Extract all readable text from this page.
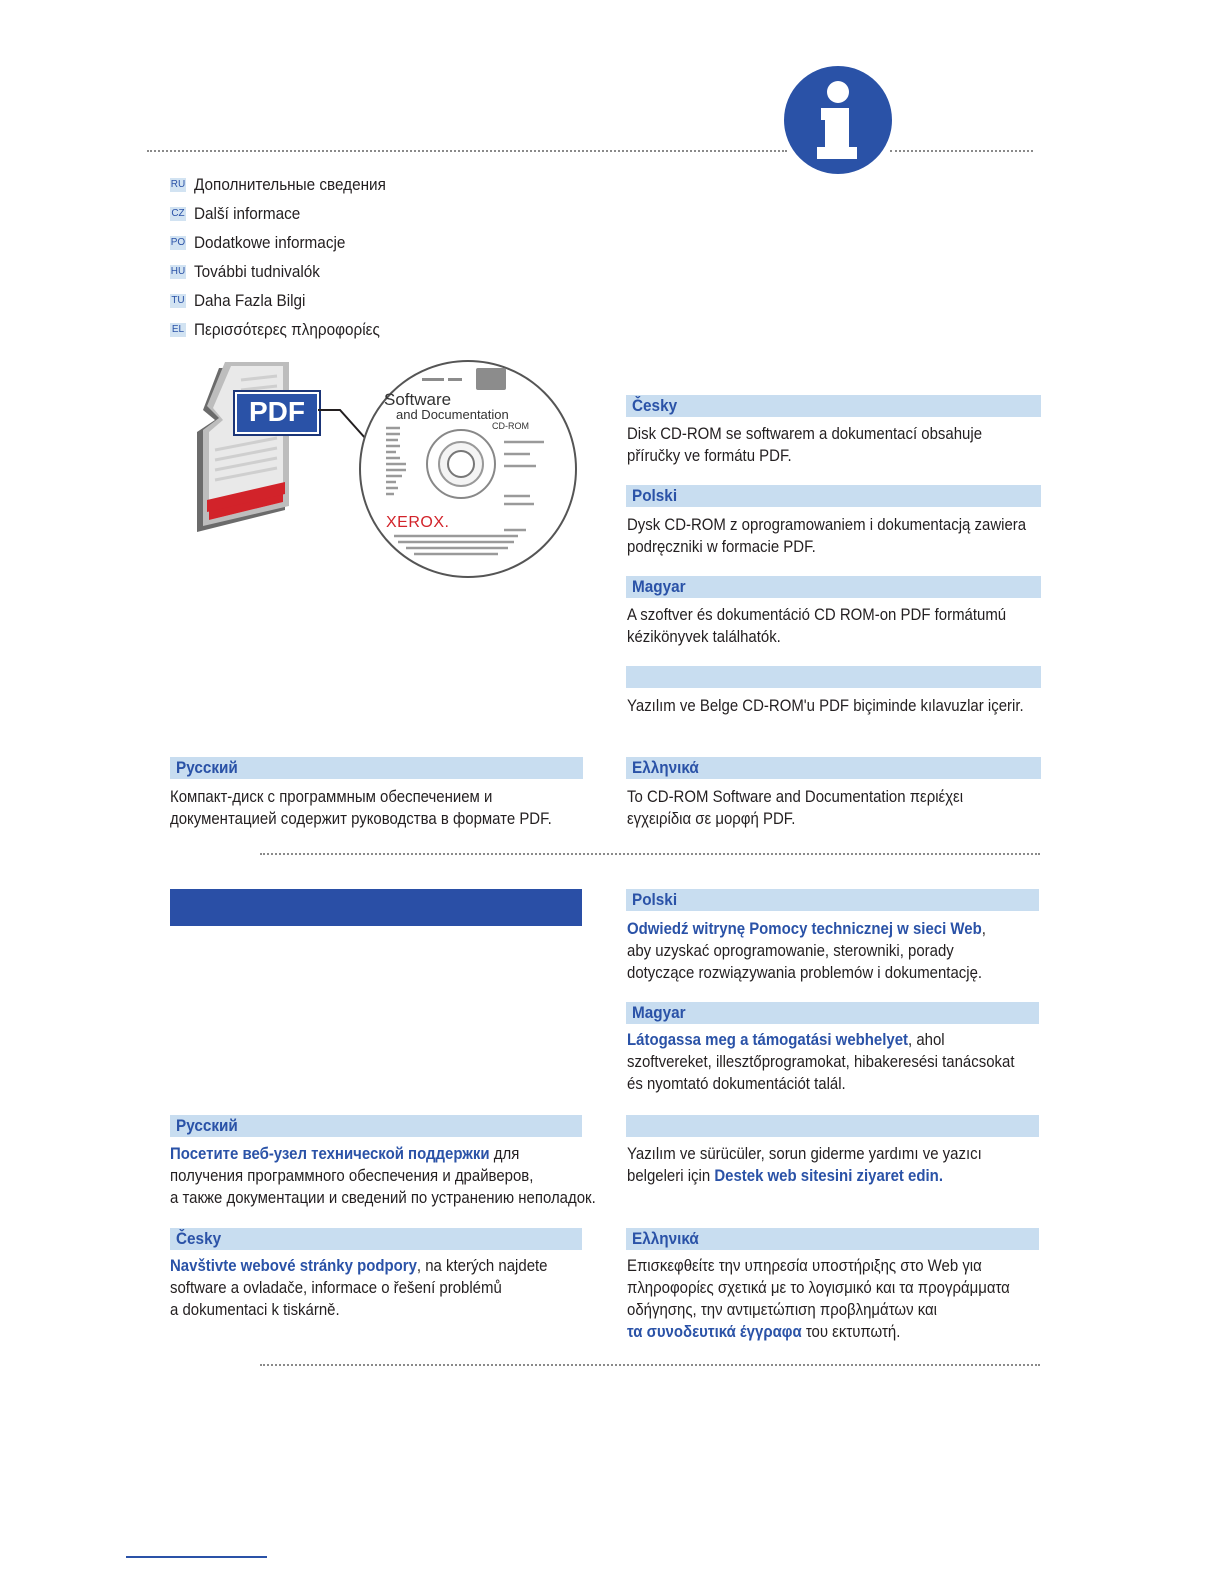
RU Дополнительные сведения
CZ Další informace
PO Dodatkowe informacje
HU További tudnivalók
TU Daha Fazla Bilgi
EL Περισσότερες πληροφορίες
PDF	Software
and Documentation
CD-ROM
XEROX.
Česky
Disk CD-ROM se softwarem a dokumentací obsahuje
příručky ve formátu PDF.
Polski
Dysk CD-ROM z oprogramowaniem i dokumentacją zawiera
podręczniki w formacie PDF.
Magyar
A szoftver és dokumentáció CD ROM-on PDF formátumú
kézikönyvek találhatók.
Yazılım ve Belge CD-ROM'u PDF biçiminde kılavuzlar içerir.
Русский
Компакт-диск с программным обеспечением и
документацией содержит руководства в формате PDF.
Ελληνικά
Το CD-ROM Software and Documentation περιέχει
εγχειρίδια σε μορφή PDF.
Polski
Odwiedź witrynę Pomocy technicznej w sieci Web,
aby uzyskać oprogramowanie, sterowniki, porady
dotyczące rozwiązywania problemów i dokumentację.
Magyar
Látogassa meg a támogatási webhelyet, ahol
szoftvereket, illesztőprogramokat, hibakeresési tanácsokat
és nyomtató dokumentációt talál.
Русский
Посетите веб-узел технической поддержки для
получения программного обеспечения и драйверов,
а также документации и сведений по устранению неполадок.
Yazılım ve sürücüler, sorun giderme yardımı ve yazıcı
belgeleri için Destek web sitesini ziyaret edin.
Česky
Navštivte webové stránky podpory, na kterých najdete
software a ovladače, informace o řešení problémů
a dokumentaci k tiskárně.
Ελληνικά
Επισκεφθείτε την υπηρεσία υποστήριξης στο Web για
πληροφορίες σχετικά με το λογισμικό και τα προγράμματα
οδήγησης, την αντιμετώπιση προβλημάτων και
τα συνοδευτικά έγγραφα του εκτυπωτή.
